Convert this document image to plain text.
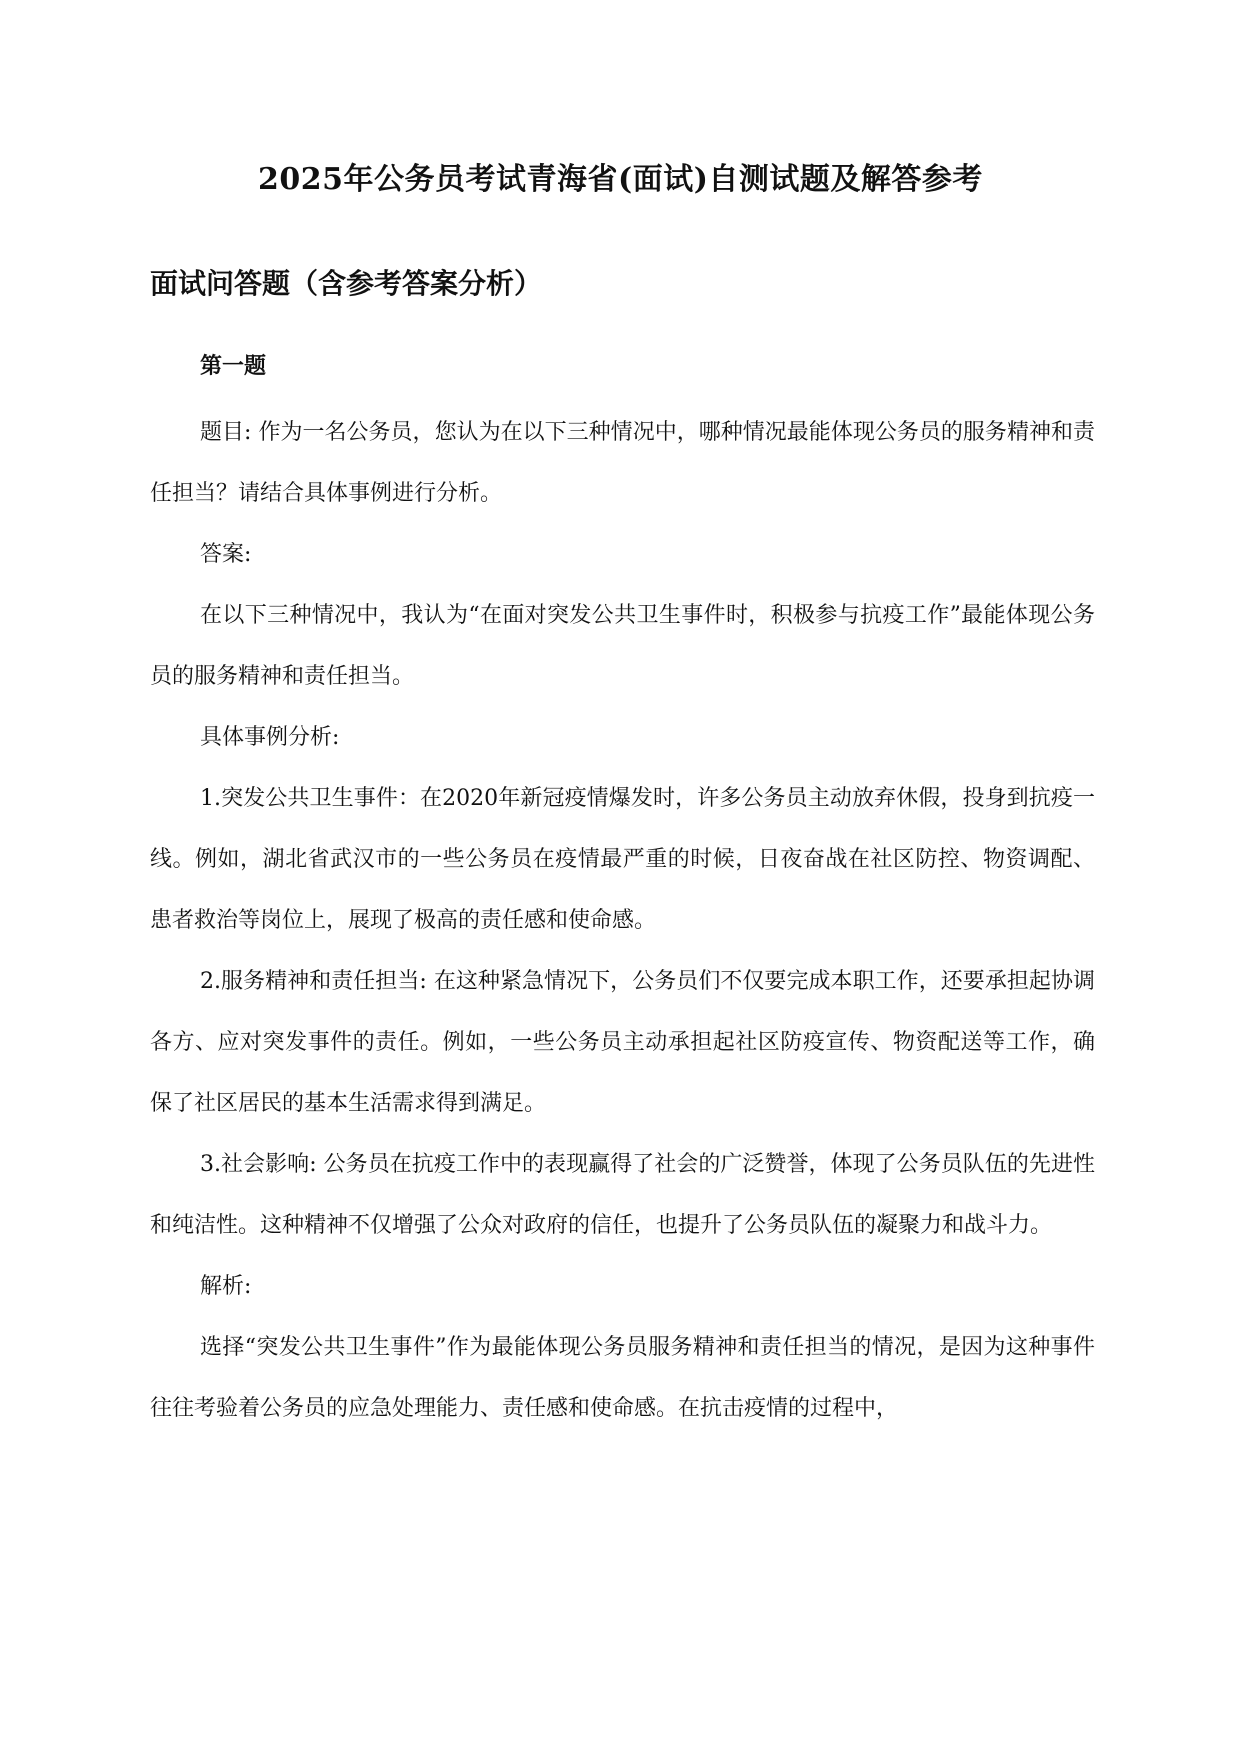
2025年公务员考试青海省(面试)自测试题及解答参考
面试问答题（含参考答案分析）
第一题

题目: 作为一名公务员，您认为在以下三种情况中，哪种情况最能体现公务员的服务精神和责任担当？请结合具体事例进行分析。

答案:

在以下三种情况中，我认为“在面对突发公共卫生事件时，积极参与抗疫工作”最能体现公务员的服务精神和责任担当。

具体事例分析:

1.突发公共卫生事件：在2020年新冠疫情爆发时，许多公务员主动放弃休假，投身到抗疫一线。例如，湖北省武汉市的一些公务员在疫情最严重的时候，日夜奋战在社区防控、物资调配、患者救治等岗位上，展现了极高的责任感和使命感。

2.服务精神和责任担当: 在这种紧急情况下，公务员们不仅要完成本职工作，还要承担起协调各方、应对突发事件的责任。例如，一些公务员主动承担起社区防疫宣传、物资配送等工作，确保了社区居民的基本生活需求得到满足。

3.社会影响: 公务员在抗疫工作中的表现赢得了社会的广泛赞誉，体现了公务员队伍的先进性和纯洁性。这种精神不仅增强了公众对政府的信任，也提升了公务员队伍的凝聚力和战斗力。

解析:

选择“突发公共卫生事件”作为最能体现公务员服务精神和责任担当的情况，是因为这种事件往往考验着公务员的应急处理能力、责任感和使命感。在抗击疫情的过程中，
